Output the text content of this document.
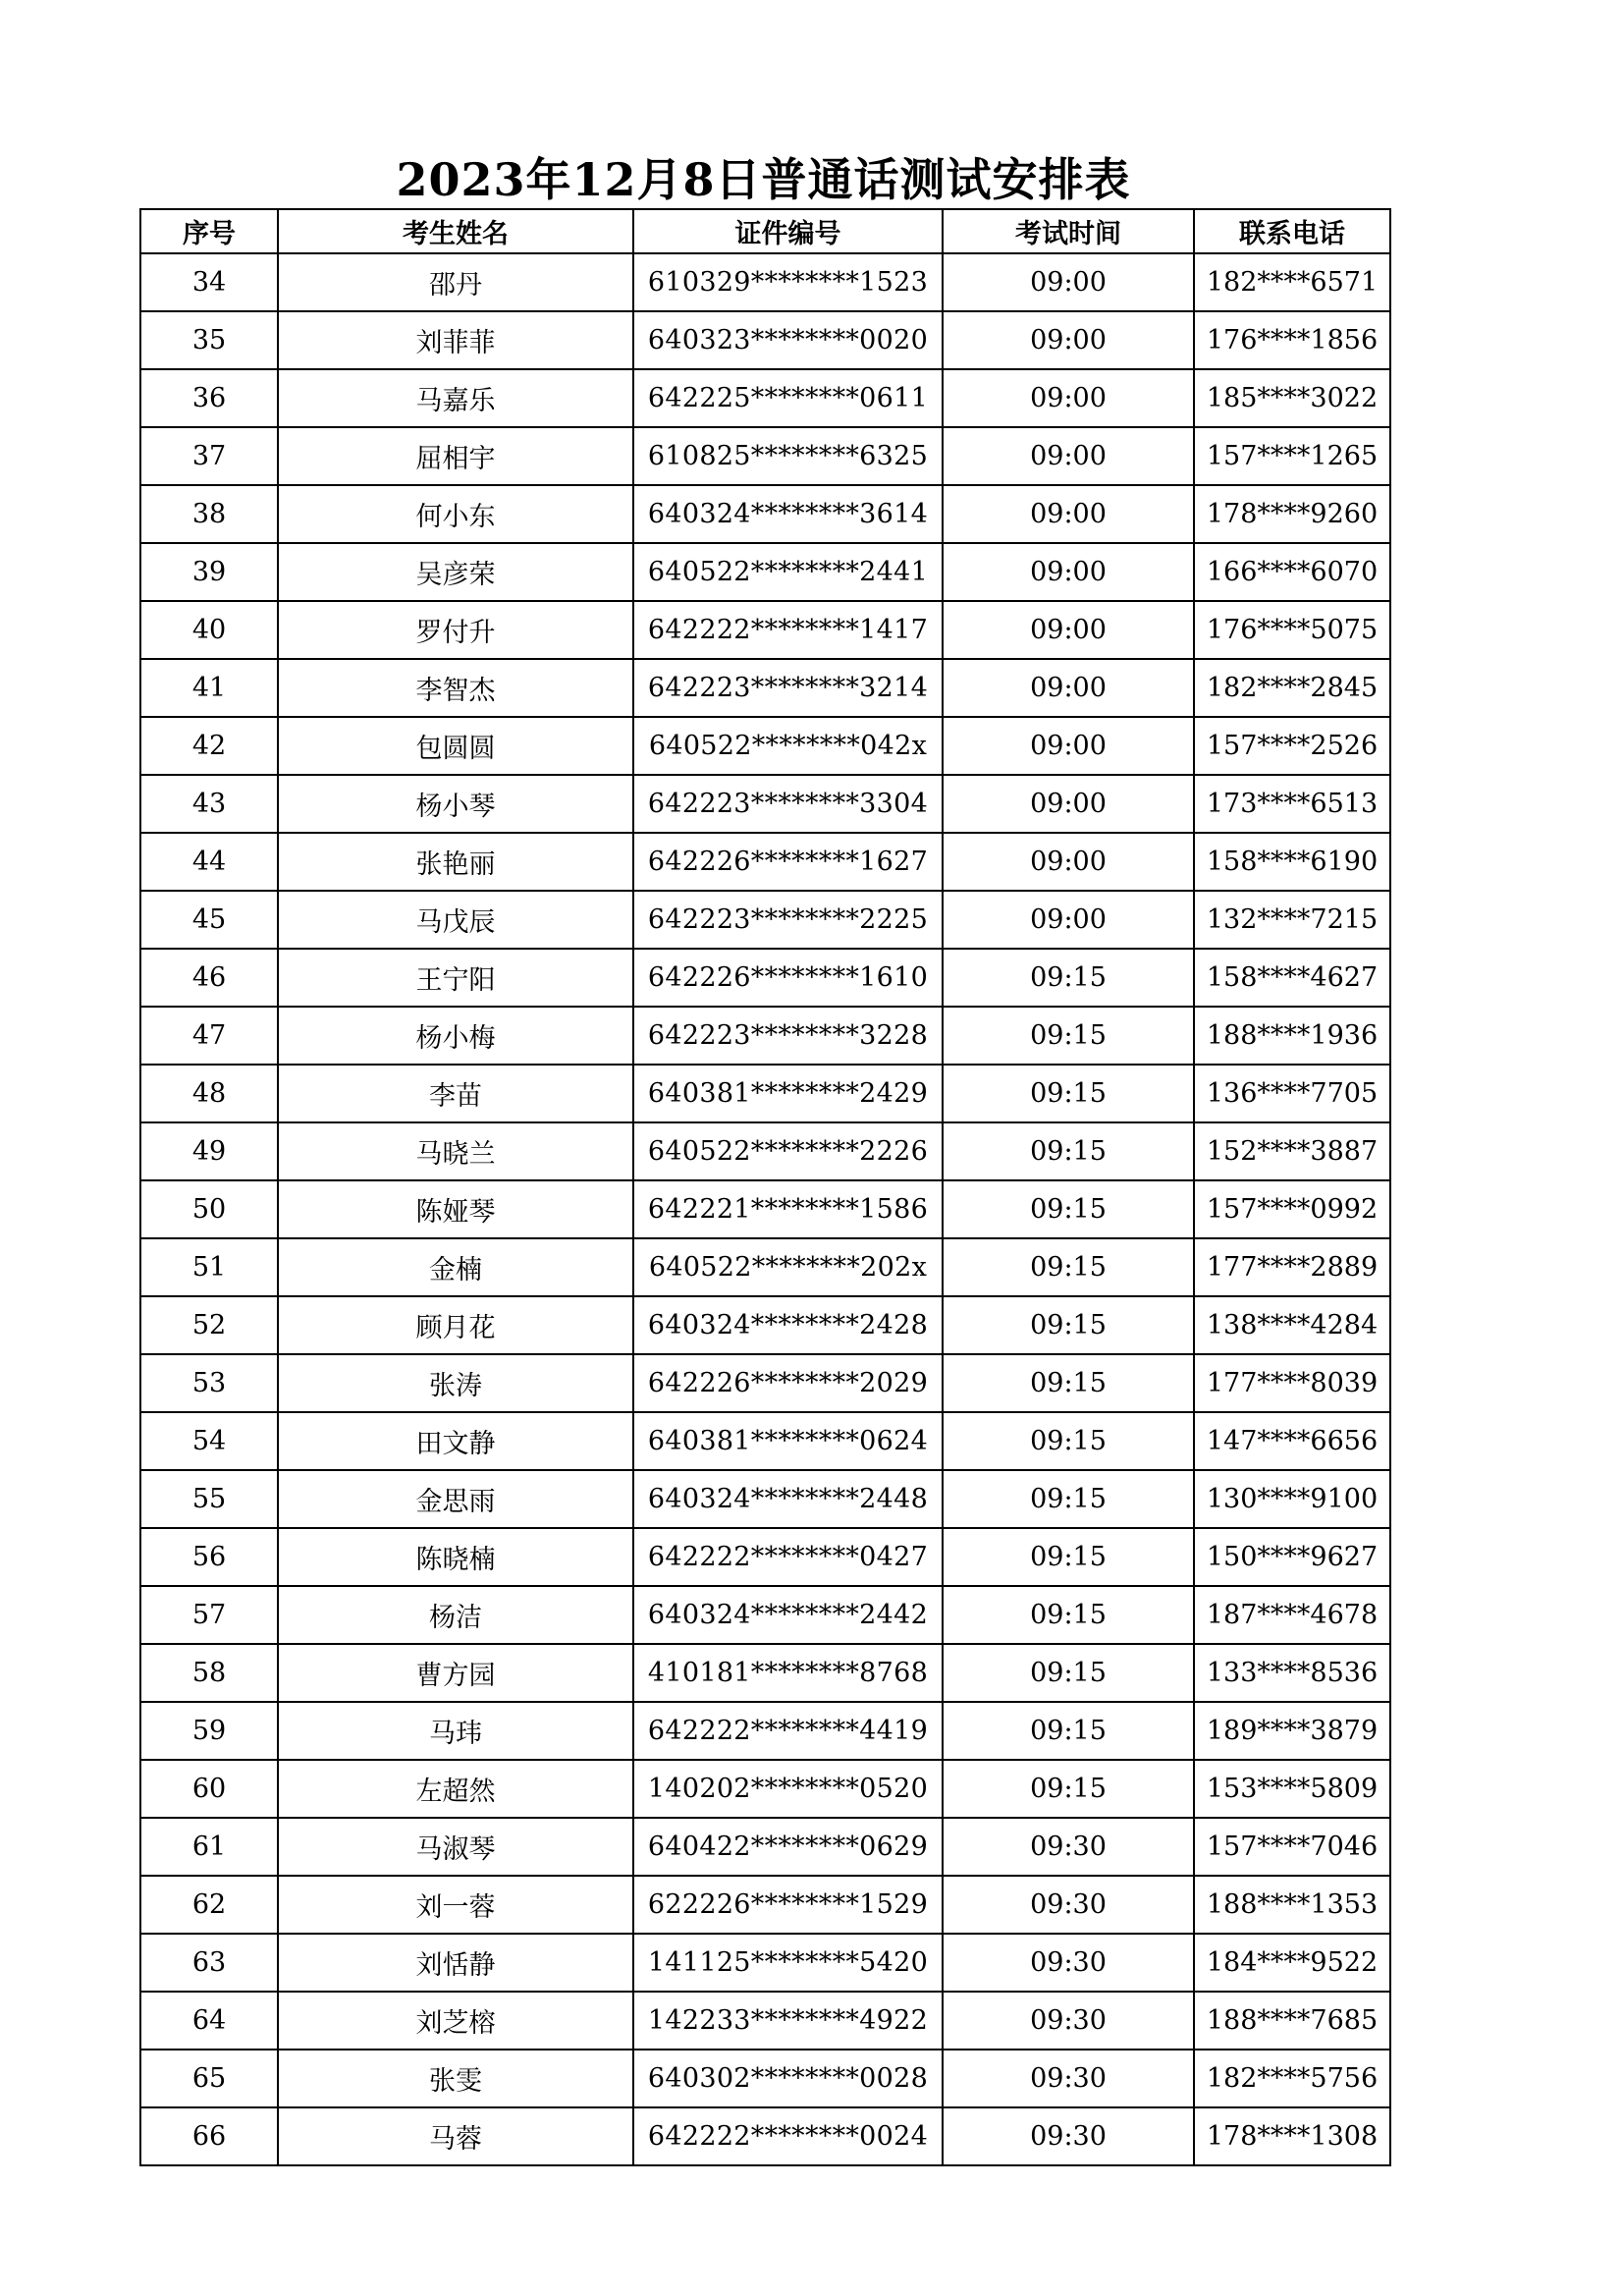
2023年12月8日普通话测试安排表
序号	考生姓名	证件编号	考试时间	联系电话
34	邵丹	610329********1523	09:00	182****6571
35	刘菲菲	640323********0020	09:00	176****1856
36	马嘉乐	642225********0611	09:00	185****3022
37	屈相宇	610825********6325	09:00	157****1265
38	何小东	640324********3614	09:00	178****9260
39	吴彦荣	640522********2441	09:00	166****6070
40	罗付升	642222********1417	09:00	176****5075
41	李智杰	642223********3214	09:00	182****2845
42	包圆圆	640522********042x	09:00	157****2526
43	杨小琴	642223********3304	09:00	173****6513
44	张艳丽	642226********1627	09:00	158****6190
45	马戊辰	642223********2225	09:00	132****7215
46	王宁阳	642226********1610	09:15	158****4627
47	杨小梅	642223********3228	09:15	188****1936
48	李苗	640381********2429	09:15	136****7705
49	马晓兰	640522********2226	09:15	152****3887
50	陈娅琴	642221********1586	09:15	157****0992
51	金楠	640522********202x	09:15	177****2889
52	顾月花	640324********2428	09:15	138****4284
53	张涛	642226********2029	09:15	177****8039
54	田文静	640381********0624	09:15	147****6656
55	金思雨	640324********2448	09:15	130****9100
56	陈晓楠	642222********0427	09:15	150****9627
57	杨洁	640324********2442	09:15	187****4678
58	曹方园	410181********8768	09:15	133****8536
59	马玮	642222********4419	09:15	189****3879
60	左超然	140202********0520	09:15	153****5809
61	马淑琴	640422********0629	09:30	157****7046
62	刘一蓉	622226********1529	09:30	188****1353
63	刘恬静	141125********5420	09:30	184****9522
64	刘芝榕	142233********4922	09:30	188****7685
65	张雯	640302********0028	09:30	182****5756
66	马蓉	642222********0024	09:30	178****1308
